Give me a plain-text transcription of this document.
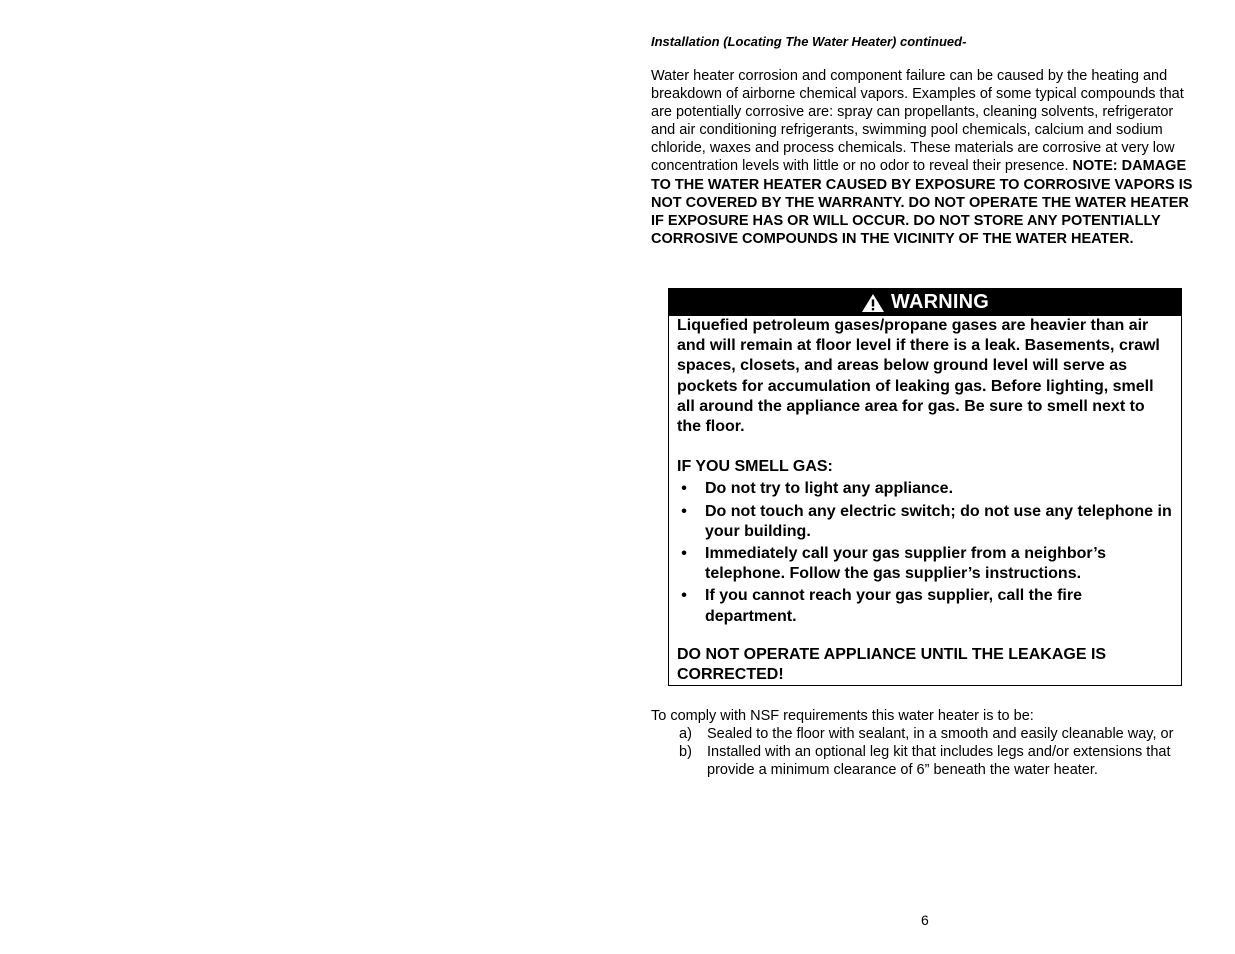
Installation (Locating The Water Heater) continued-
Water heater corrosion and component failure can be caused by the heating and breakdown of airborne chemical vapors. Examples of some typical compounds that are potentially corrosive are: spray can propellants, cleaning solvents, refrigerator and air conditioning refrigerants, swimming pool chemicals, calcium and sodium chloride, waxes and process chemicals. These materials are corrosive at very low concentration levels with little or no odor to reveal their presence. NOTE: DAMAGE TO THE WATER HEATER CAUSED BY EXPOSURE TO CORROSIVE VAPORS IS NOT COVERED BY THE WARRANTY. DO NOT OPERATE THE WATER HEATER IF EXPOSURE HAS OR WILL OCCUR. DO NOT STORE ANY POTENTIALLY CORROSIVE COMPOUNDS IN THE VICINITY OF THE WATER HEATER.
WARNING

Liquefied petroleum gases/propane gases are heavier than air and will remain at floor level if there is a leak. Basements, crawl spaces, closets, and areas below ground level will serve as pockets for accumulation of leaking gas. Before lighting, smell all around the appliance area for gas. Be sure to smell next to the floor.

IF YOU SMELL GAS:

• Do not try to light any appliance.
• Do not touch any electric switch; do not use any telephone in your building.
• Immediately call your gas supplier from a neighbor’s telephone. Follow the gas supplier’s instructions.
• If you cannot reach your gas supplier, call the fire department.

DO NOT OPERATE APPLIANCE UNTIL THE LEAKAGE IS CORRECTED!

To comply with NSF requirements this water heater is to be:
a) Sealed to the floor with sealant, in a smooth and easily cleanable way, or
b) Installed with an optional leg kit that includes legs and/or extensions that provide a minimum clearance of 6” beneath the water heater.
6
